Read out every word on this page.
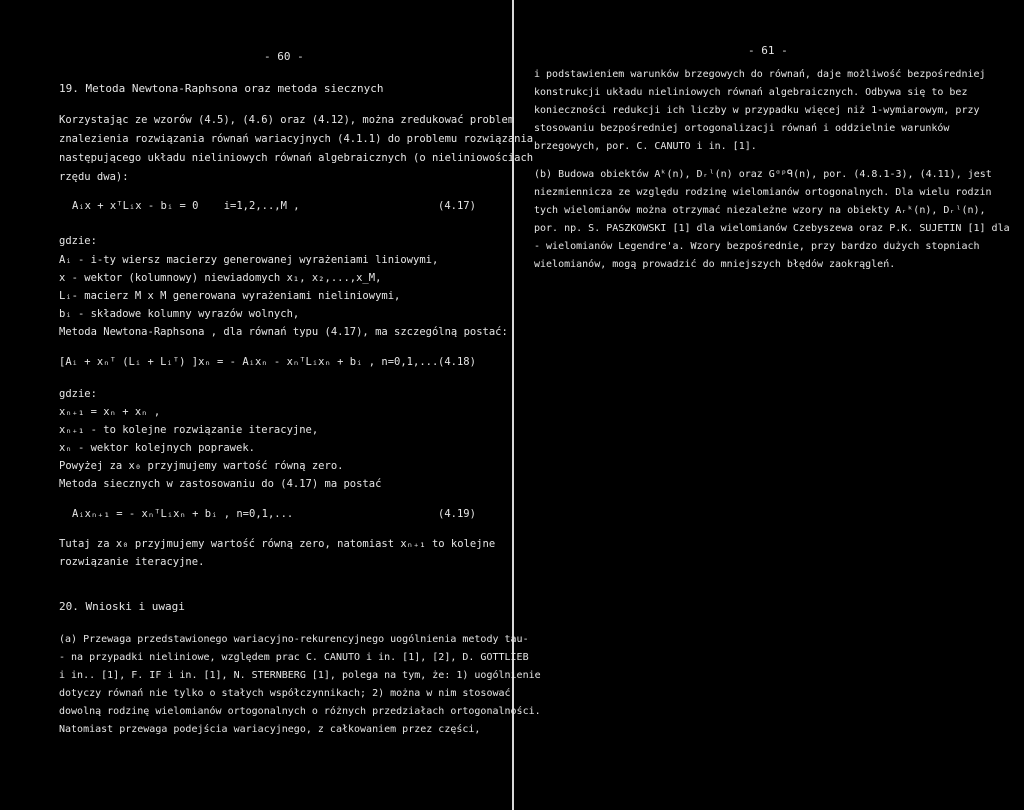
- 60 -
19. Metoda Newtona-Raphsona oraz metoda siecznych
Korzystając ze wzorów (4.5), (4.6) oraz (4.12), można zredukować problem
znalezienia rozwiązania równań wariacyjnych (4.1.1) do problemu rozwiązania
następującego układu nieliniowych równań algebraicznych (o nieliniowościach
rzędu dwa):
Aᵢx + xᵀLᵢx - bᵢ = 0    i=1,2,..,M ,	(4.17)
gdzie:
Aᵢ - i-ty wiersz macierzy generowanej wyrażeniami liniowymi,
x - wektor (kolumnowy) niewiadomych x₁, x₂,...,x_M,
Lᵢ- macierz M x M generowana wyrażeniami nieliniowymi,
bᵢ - składowe kolumny wyrazów wolnych,
Metoda Newtona-Raphsona , dla równań typu (4.17), ma szczególną postać:
[Aᵢ + xₙᵀ (Lᵢ + Lᵢᵀ) ]xₙ = - Aᵢxₙ - xₙᵀLᵢxₙ + bᵢ , n=0,1,... (4.18)
gdzie:
xₙ₊₁ = xₙ + xₙ ,
xₙ₊₁ - to kolejne rozwiązanie iteracyjne,
xₙ - wektor kolejnych poprawek.
Powyżej za x₀ przyjmujemy wartość równą zero.
Metoda siecznych w zastosowaniu do (4.17) ma postać
Aᵢxₙ₊₁ = - xₙᵀLᵢxₙ + bᵢ , n=0,1,...	(4.19)
Tutaj za x₀ przyjmujemy wartość równą zero, natomiast xₙ₊₁ to kolejne
rozwiązanie iteracyjne.
20. Wnioski i uwagi
(a) Przewaga przedstawionego wariacyjno-rekurencyjnego uogólnienia metody tau-
- na przypadki nieliniowe, względem prac C. CANUTO i in. [1], [2], D. GOTTLIEB
i in.. [1], F. IF i in. [1], N. STERNBERG [1], polega na tym, że: 1) uogólnienie
dotyczy równań nie tylko o stałych współczynnikach; 2) można w nim stosować
dowolną rodzinę wielomianów ortogonalnych o różnych przedziałach ortogonalności.
Natomiast przewaga podejścia wariacyjnego, z całkowaniem przez części,
- 61 -
i podstawieniem warunków brzegowych do równań, daje możliwość bezpośredniej
konstrukcji układu nieliniowych równań algebraicznych. Odbywa się to bez
konieczności redukcji ich liczby w przypadku więcej niż 1-wymiarowym, przy
stosowaniu bezpośredniej ortogonalizacji równań i oddzielnie warunków
brzegowych, por. C. CANUTO i in. [1].
(b) Budowa obiektów Aᵏ(n), Dᵣˡ(n) oraz Gᵅᵖᑫ(n), por. (4.8.1-3), (4.11), jest
niezmiennicza ze względu rodzinę wielomianów ortogonalnych. Dla wielu rodzin
tych wielomianów można otrzymać niezależne wzory na obiekty Aᵣᵏ(n), Dᵣˡ(n),
por. np. S. PASZKOWSKI [1] dla wielomianów Czebyszewa oraz P.K. SUJETIN [1] dla
- wielomianów Legendre'a. Wzory bezpośrednie, przy bardzo dużych stopniach
wielomianów, mogą prowadzić do mniejszych błędów zaokrągleń.
